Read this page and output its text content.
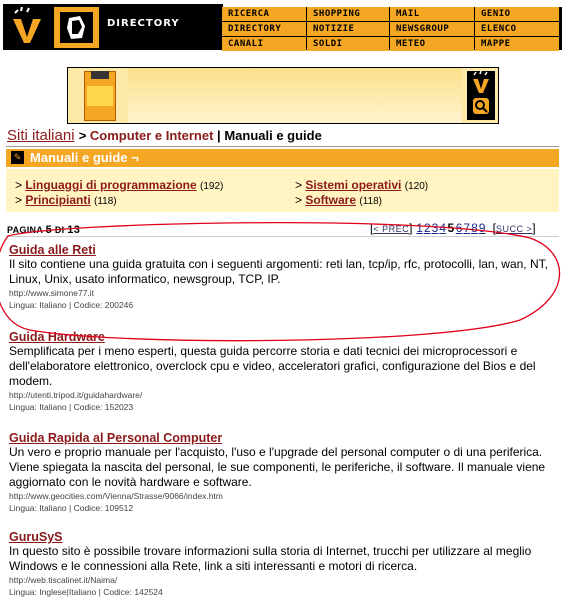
DIRECTORY
RICERCA	SHOPPING	MAIL	GENIO
DIRECTORY	NOTIZIE	NEWSGROUP	ELENCO
CANALI	SOLDI	METEO	MAPPE
Siti italiani > Computer e Internet | Manuali e guide
✎ Manuali e guide ¬
> Linguaggi di programmazione (192)	> Sistemi operativi (120)
> Principianti (118)	> Software (118)
PAGINA 5 DI 13	[< PREC] 1234 5 6789  [SUCC >]
Guida alle Reti

Il sito contiene una guida gratuita con i seguenti argomenti: reti lan, tcp/ip, rfc, protocolli, lan, wan, NT, Linux, Unix, usato informatico, newsgroup, TCP, IP.

http://www.simone77.it
Lingua: Italiano | Codice: 200246
Guida Hardware

Semplificata per i meno esperti, questa guida percorre storia e dati tecnici dei microprocessori e dell'elaboratore elettronico, overclock cpu e video, acceleratori grafici, configurazione del Bios e del modem.

http://utenti.tripod.it/guidahardware/
Lingua: Italiano | Codice: 152023
Guida Rapida al Personal Computer

Un vero e proprio manuale per l'acquisto, l'uso e l'upgrade del personal computer o di una periferica. Viene spiegata la nascita del personal, le sue componenti, le periferiche, il software. Il manuale viene aggiornato con le novità hardware e software.

http://www.geocities.com/Vienna/Strasse/9066/index.htm
Lingua: Italiano | Codice: 109512
GuruSyS

In questo sito è possibile trovare informazioni sulla storia di Internet, trucchi per utilizzare al meglio Windows e le connessioni alla Rete, link a siti interessanti e motori di ricerca.

http://web.tiscalinet.it/Naima/
Lingua: Inglese|Italiano | Codice: 142524
